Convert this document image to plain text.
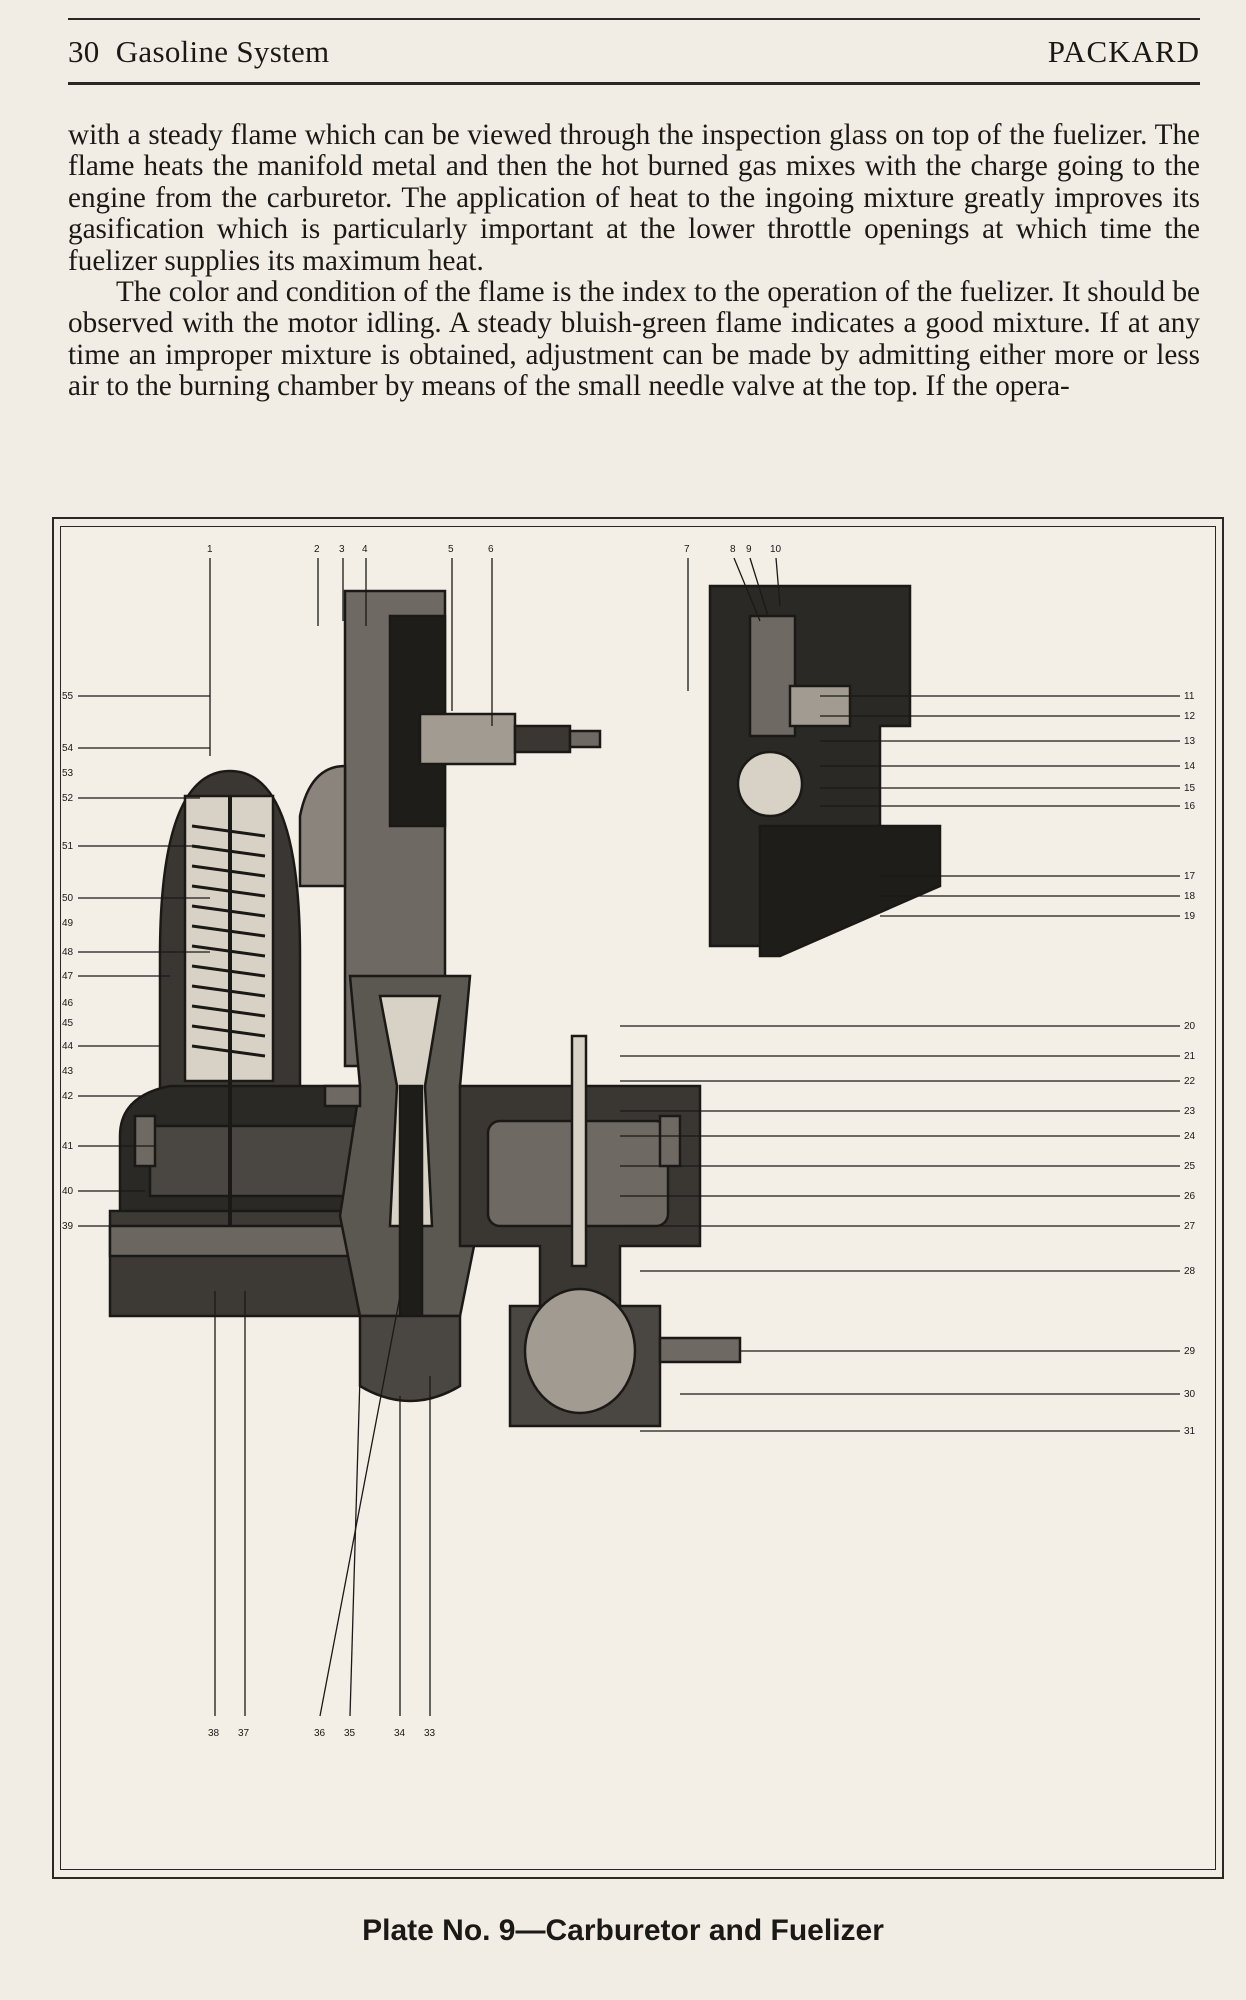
30 Gasoline System	PACKARD

with a steady flame which can be viewed through the inspection glass on top of the fuelizer. The flame heats the manifold metal and then the hot burned gas mixes with the charge going to the engine from the carburetor. The application of heat to the ingoing mixture greatly improves its gasification which is particularly important at the lower throttle openings at which time the fuelizer supplies its maximum heat.

The color and condition of the flame is the index to the operation of the fuelizer. It should be observed with the motor idling. A steady bluish-green flame indicates a good mixture. If at any time an improper mixture is obtained, adjustment can be made by admitting either more or less air to the burning chamber by means of the small needle valve at the top. If the opera-

1	2 3 4	5	6	7	8 9 10
11
12
13
14
15
16
17
18
19
20
21
22
23
24
25
26
27
28
29
30
31
38 37	36 35	34 33
55
54
53
52
51
50
49
48
47
46
45
44
43
42
41
40
39
Plate No. 9—Carburetor and Fuelizer
